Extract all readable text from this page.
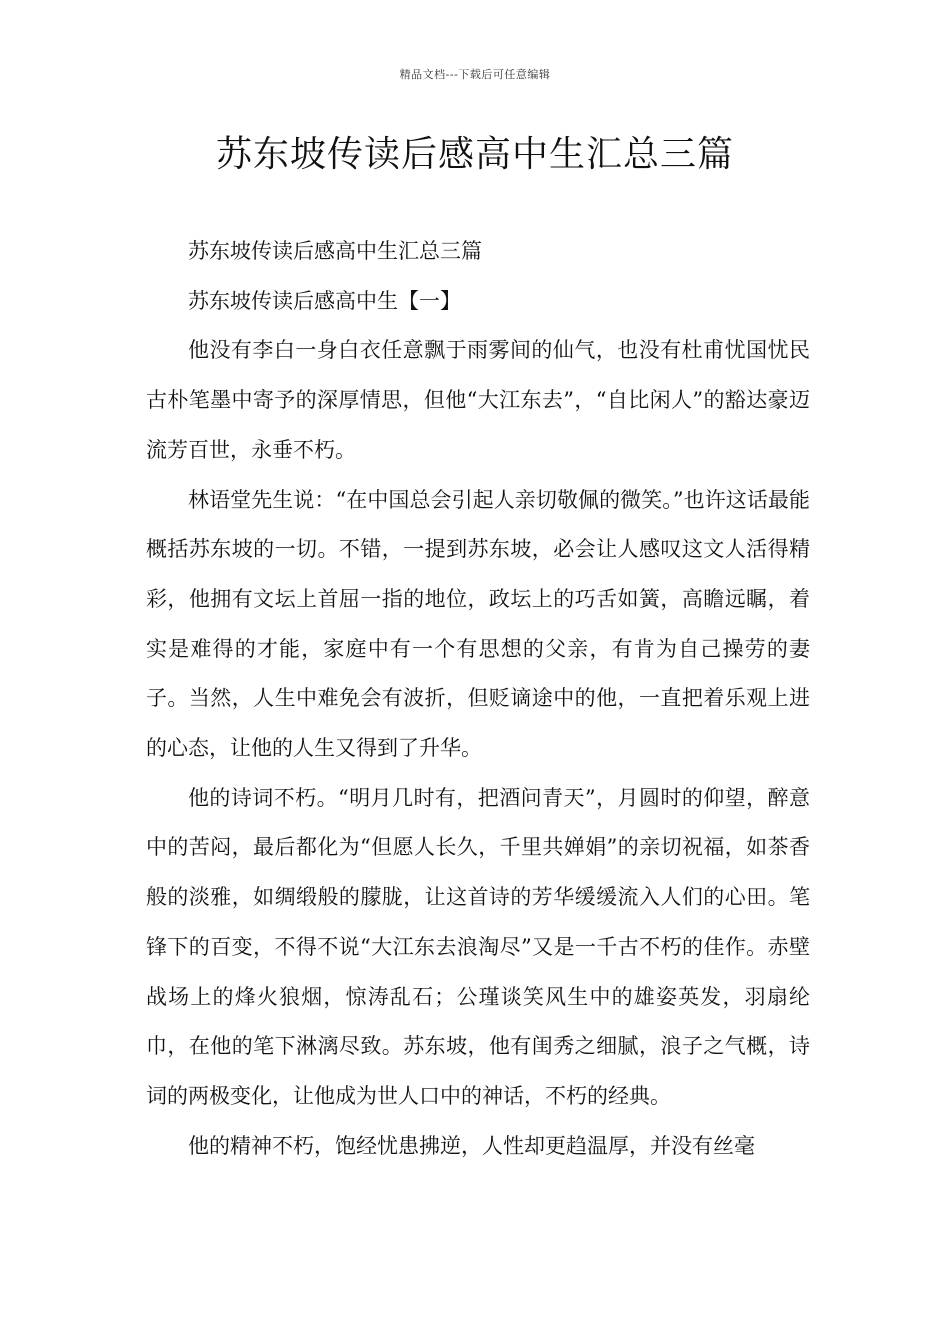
精品文档---下载后可任意编辑
苏东坡传读后感高中生汇总三篇

苏东坡传读后感高中生汇总三篇

苏东坡传读后感高中生【一】

他没有李白一身白衣任意飘于雨雾间的仙气，也没有杜甫忧国忧民古朴笔墨中寄予的深厚情思，但他“大江东去”，“自比闲人”的豁达豪迈流芳百世，永垂不朽。

林语堂先生说：“在中国总会引起人亲切敬佩的微笑。”也许这话最能概括苏东坡的一切。不错，一提到苏东坡，必会让人感叹这文人活得精彩，他拥有文坛上首屈一指的地位，政坛上的巧舌如簧，高瞻远瞩，着实是难得的才能，家庭中有一个有思想的父亲，有肯为自己操劳的妻子。当然，人生中难免会有波折，但贬谪途中的他，一直把着乐观上进的心态，让他的人生又得到了升华。

他的诗词不朽。“明月几时有，把酒问青天”，月圆时的仰望，醉意中的苦闷，最后都化为“但愿人长久，千里共婵娟”的亲切祝福，如茶香般的淡雅，如绸缎般的朦胧，让这首诗的芳华缓缓流入人们的心田。笔锋下的百变，不得不说“大江东去浪淘尽”又是一千古不朽的佳作。赤壁战场上的烽火狼烟，惊涛乱石；公瑾谈笑风生中的雄姿英发，羽扇纶巾，在他的笔下淋漓尽致。苏东坡，他有闺秀之细腻，浪子之气概，诗词的两极变化，让他成为世人口中的神话，不朽的经典。

他的精神不朽，饱经忧患拂逆，人性却更趋温厚，并没有丝毫
